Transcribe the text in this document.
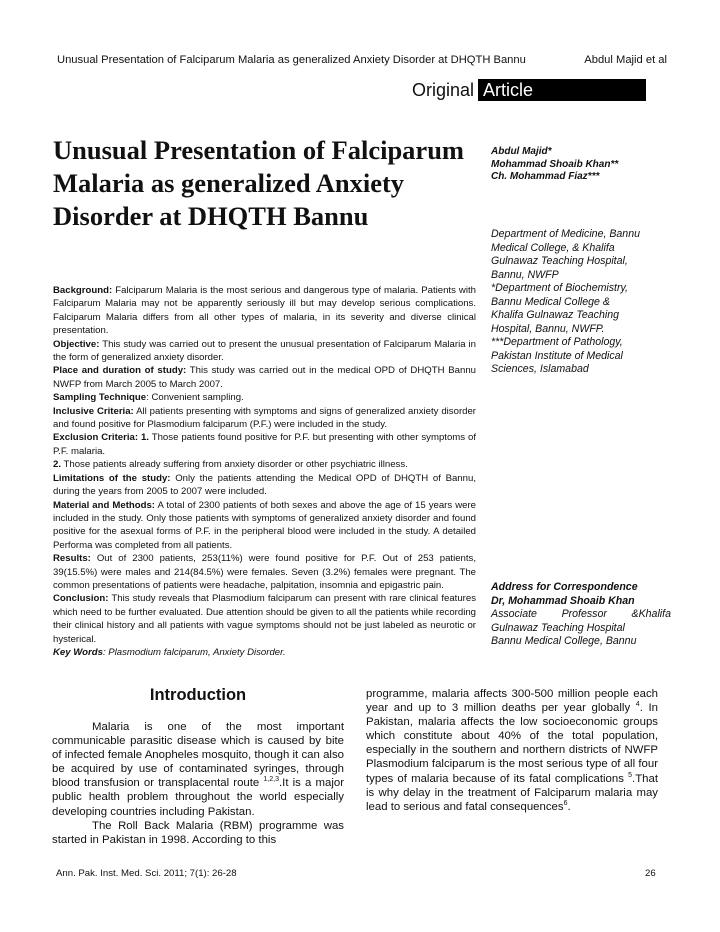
Unusual Presentation of Falciparum Malaria as generalized Anxiety Disorder at DHQTH Bannu	Abdul Majid et al
Original Article
Unusual Presentation of Falciparum Malaria as generalized Anxiety Disorder at DHQTH Bannu

Background: Falciparum Malaria is the most serious and dangerous type of malaria. Patients with Falciparum Malaria may not be apparently seriously ill but may develop serious complications. Falciparum Malaria differs from all other types of malaria, in its severity and diverse clinical presentation.

Objective: This study was carried out to present the unusual presentation of Falciparum Malaria in the form of generalized anxiety disorder.

Place and duration of study: This study was carried out in the medical OPD of DHQTH Bannu NWFP from March 2005 to March 2007.

Sampling Technique: Convenient sampling.

Inclusive Criteria: All patients presenting with symptoms and signs of generalized anxiety disorder and found positive for Plasmodium falciparum (P.F.) were included in the study.

Exclusion Criteria: 1. Those patients found positive for P.F. but presenting with other symptoms of P.F. malaria.

2. Those patients already suffering from anxiety disorder or other psychiatric illness.

Limitations of the study: Only the patients attending the Medical OPD of DHQTH of Bannu, during the years from 2005 to 2007 were included.

Material and Methods: A total of 2300 patients of both sexes and above the age of 15 years were included in the study. Only those patients with symptoms of generalized anxiety disorder and found positive for the asexual forms of P.F. in the peripheral blood were included in the study. A detailed Performa was completed from all patients.

Results: Out of 2300 patients, 253(11%) were found positive for P.F. Out of 253 patients, 39(15.5%) were males and 214(84.5%) were females. Seven (3.2%) females were pregnant. The common presentations of patients were headache, palpitation, insomnia and epigastric pain.

Conclusion: This study reveals that Plasmodium falciparum can present with rare clinical features which need to be further evaluated. Due attention should be given to all the patients while recording their clinical history and all patients with vague symptoms should not be just labeled as neurotic or hysterical.

Key Words: Plasmodium falciparum, Anxiety Disorder.

Abdul Majid*
Mohammad Shoaib Khan**
Ch. Mohammad Fiaz***
Department of Medicine, Bannu
Medical College, & Khalifa
Gulnawaz Teaching Hospital,
Bannu, NWFP
*Department of Biochemistry,
Bannu Medical College &
Khalifa Gulnawaz Teaching
Hospital, Bannu, NWFP.
***Department of Pathology,
Pakistan Institute of Medical
Sciences, Islamabad
Address for Correspondence
Dr, Mohammad Shoaib Khan
Associate Professor &Khalifa
Gulnawaz Teaching Hospital
Bannu Medical College, Bannu
Introduction

Malaria is one of the most important communicable parasitic disease which is caused by bite of infected female Anopheles mosquito, though it can also be acquired by use of contaminated syringes, through blood transfusion or transplacental route $^{1,2,3}$.It is a major public health problem throughout the world especially developing countries including Pakistan.

The Roll Back Malaria (RBM) programme was started in Pakistan in 1998. According to this

programme, malaria affects 300-500 million people each year and up to 3 million deaths per year globally $^4$. In Pakistan, malaria affects the low socioeconomic groups which constitute about 40% of the total population, especially in the southern and northern districts of NWFP Plasmodium falciparum is the most serious type of all four types of malaria because of its fatal complications $^5$.That is why delay in the treatment of Falciparum malaria may lead to serious and fatal consequences$^6$.

Ann. Pak. Inst. Med. Sci. 2011; 7(1): 26-28	26
